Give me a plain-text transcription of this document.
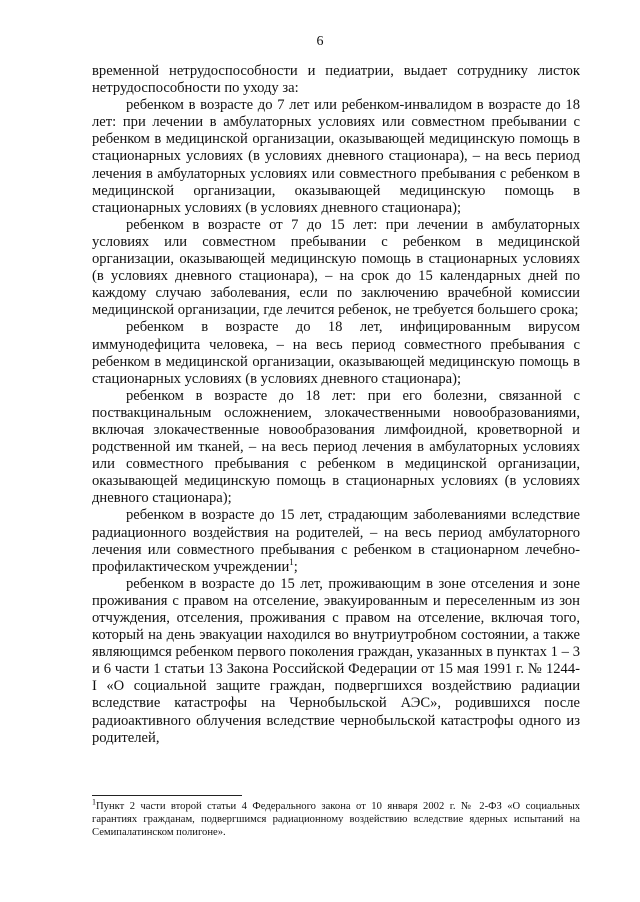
6

временной нетрудоспособности и педиатрии, выдает сотруднику листок нетрудоспособности по уходу за:

ребенком в возрасте до 7 лет или ребенком-инвалидом в возрасте до 18 лет: при лечении в амбулаторных условиях или совместном пребывании с ребенком в медицинской организации, оказывающей медицинскую помощь в стационарных условиях (в условиях дневного стационара), – на весь период лечения в амбулаторных условиях или совместного пребывания с ребенком в медицинской организации, оказывающей медицинскую помощь в стационарных условиях (в условиях дневного стационара);

ребенком в возрасте от 7 до 15 лет: при лечении в амбулаторных условиях или совместном пребывании с ребенком в медицинской организации, оказывающей медицинскую помощь в стационарных условиях (в условиях дневного стационара), – на срок до 15 календарных дней по каждому случаю заболевания, если по заключению врачебной комиссии медицинской организации, где лечится ребенок, не требуется большего срока;

ребенком в возрасте до 18 лет, инфицированным вирусом иммунодефицита человека, – на весь период совместного пребывания с ребенком в медицинской организации, оказывающей медицинскую помощь в стационарных условиях (в условиях дневного стационара);

ребенком в возрасте до 18 лет: при его болезни, связанной с поствакцинальным осложнением, злокачественными новообразованиями, включая злокачественные новообразования лимфоидной, кроветворной и родственной им тканей, – на весь период лечения в амбулаторных условиях или совместного пребывания с ребенком в медицинской организации, оказывающей медицинскую помощь в стационарных условиях (в условиях дневного стационара);

ребенком в возрасте до 15 лет, страдающим заболеваниями вследствие радиационного воздействия на родителей, – на весь период амбулаторного лечения или совместного пребывания с ребенком в стационарном лечебно-профилактическом учреждении$^1$;

ребенком в возрасте до 15 лет, проживающим в зоне отселения и зоне проживания с правом на отселение, эвакуированным и переселенным из зон отчуждения, отселения, проживания с правом на отселение, включая того, который на день эвакуации находился во внутриутробном состоянии, а также являющимся ребенком первого поколения граждан, указанных в пунктах 1 – 3 и 6 части 1 статьи 13 Закона Российской Федерации от 15 мая 1991 г. № 1244-I «О социальной защите граждан, подвергшихся воздействию радиации вследствие катастрофы на Чернобыльской АЭС», родившихся после радиоактивного облучения вследствие чернобыльской катастрофы одного из родителей,

$^1$Пункт 2 части второй статьи 4 Федерального закона от 10 января 2002 г. № 2-ФЗ «О социальных гарантиях гражданам, подвергшимся радиационному воздействию вследствие ядерных испытаний на Семипалатинском полигоне».
